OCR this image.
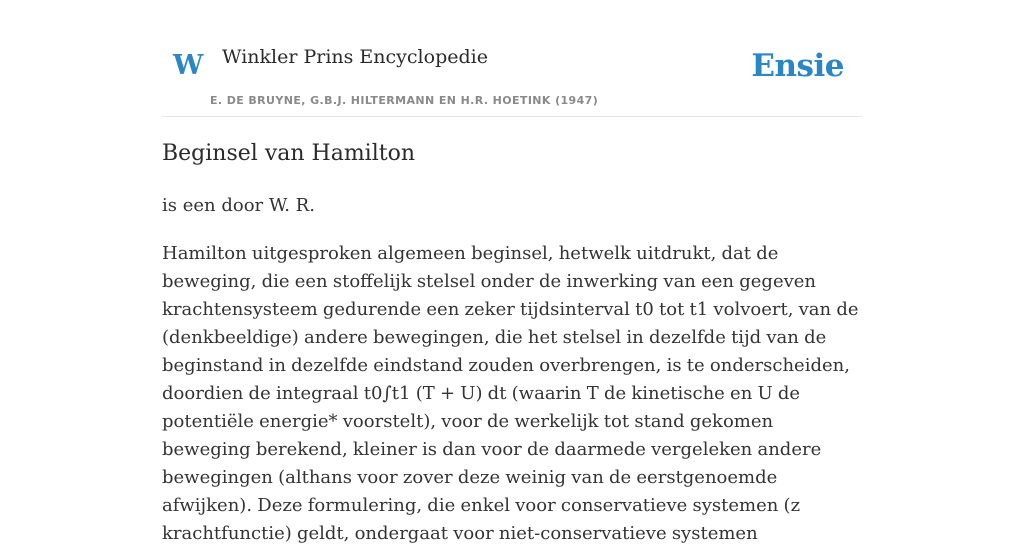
W Winkler Prins Encyclopedie
E. DE BRUYNE, G.B.J. HILTERMANN EN H.R. HOETINK (1947)
Ensie
Beginsel van Hamilton

is een door W. R.

Hamilton uitgesproken algemeen beginsel, hetwelk uitdrukt, dat de beweging, die een stoffelijk stelsel onder de inwerking van een gegeven krachtensysteem gedurende een zeker tijdsinterval t0 tot t1 volvoert, van de (denkbeeldige) andere bewegingen, die het stelsel in dezelfde tijd van de beginstand in dezelfde eindstand zouden overbrengen, is te onderscheiden, doordien de integraal t0∫t1 (T + U) dt (waarin T de kinetische en U de potentiële energie* voorstelt), voor de werkelijk tot stand gekomen beweging berekend, kleiner is dan voor de daarmede vergeleken andere bewegingen (althans voor zover deze weinig van de eerstgenoemde afwijken). Deze formulering, die enkel voor conservatieve systemen (z krachtfunctie) geldt, ondergaat voor niet-conservatieve systemen
